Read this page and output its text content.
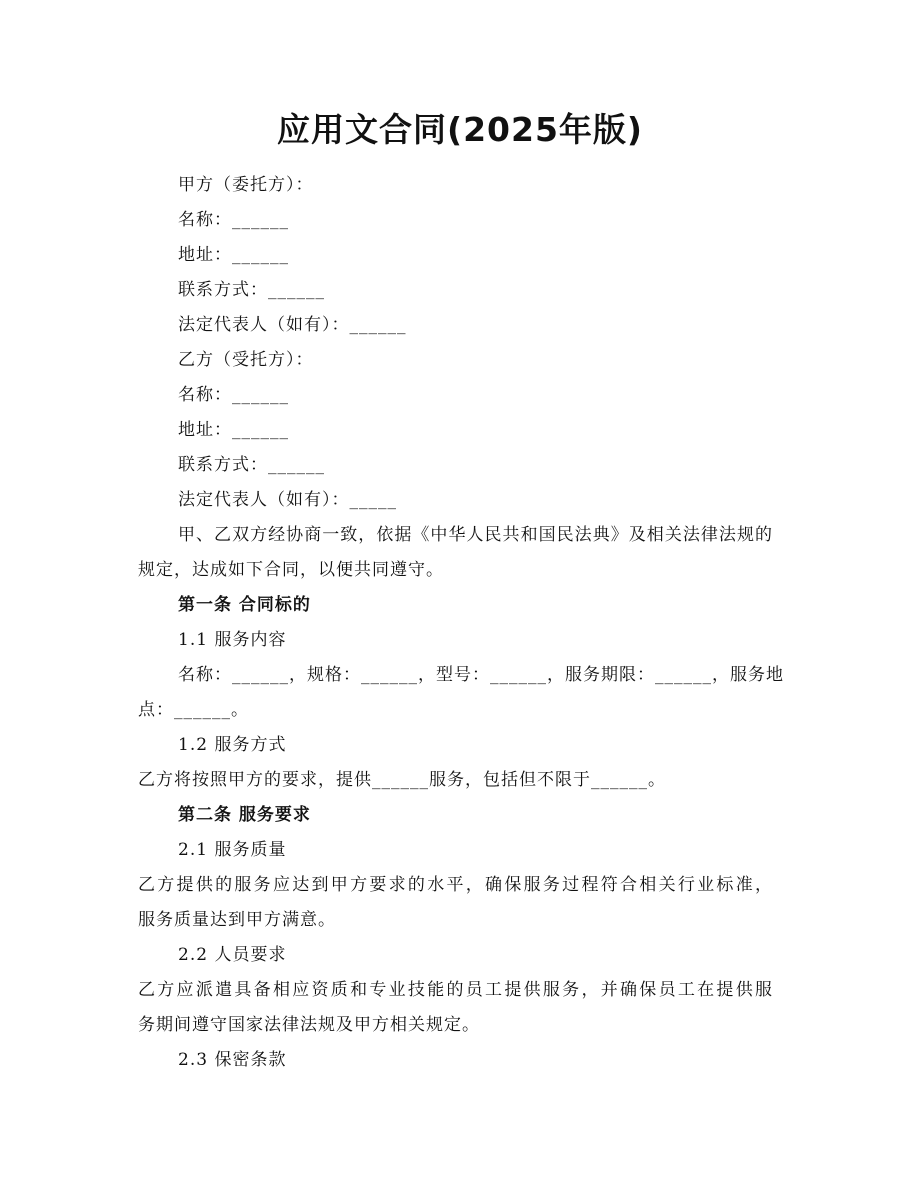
应用文合同(2025年版)
甲方（委托方）：
名称：______
地址：______
联系方式：______
法定代表人（如有）：______
乙方（受托方）：
名称：______
地址：______
联系方式：______
法定代表人（如有）：_____
甲、乙双方经协商一致，依据《中华人民共和国民法典》及相关法律法规的
规定，达成如下合同，以便共同遵守。
第一条 合同标的
1.1 服务内容
名称：______，规格：______，型号：______，服务期限：______，服务地
点：______。
1.2 服务方式
乙方将按照甲方的要求，提供______服务，包括但不限于______。
第二条 服务要求
2.1 服务质量
乙方提供的服务应达到甲方要求的水平，确保服务过程符合相关行业标准，
服务质量达到甲方满意。
2.2 人员要求
乙方应派遣具备相应资质和专业技能的员工提供服务，并确保员工在提供服
务期间遵守国家法律法规及甲方相关规定。
2.3 保密条款
